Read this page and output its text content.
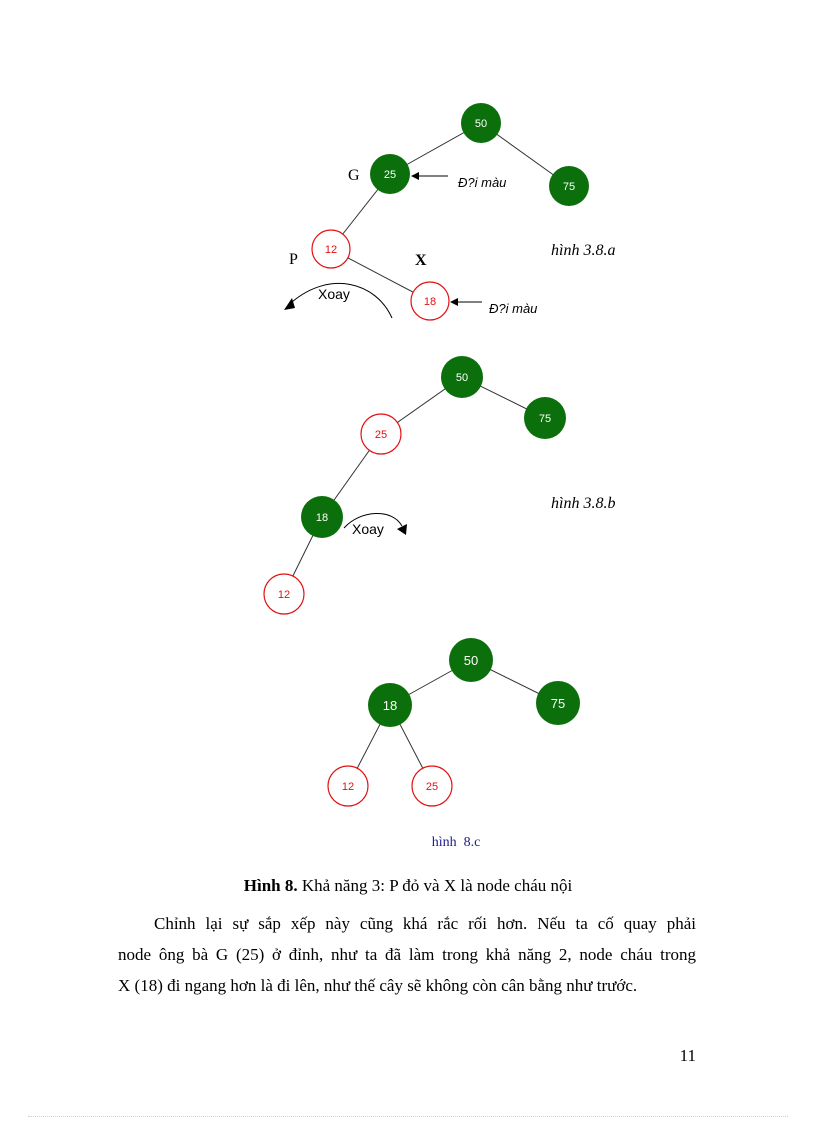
50
25
75
12
18
G
P	X
Đ?i màu
Đ?i màu
Xoay
hình 3.8.a
50
75
25
18
12
Xoay
hình 3.8.b
50
18	75
12	25
hình  8.c
Hình 8. Khả năng 3: P đỏ và X là node cháu nội
Chỉnh lại sự sắp xếp này cũng khá rắc rối hơn. Nếu ta cố quay phải
node ông bà G (25) ở đỉnh, như ta đã làm trong khả năng 2, node cháu trong
X (18) đi ngang hơn là đi lên, như thế cây sẽ không còn cân bằng như trước.
11
